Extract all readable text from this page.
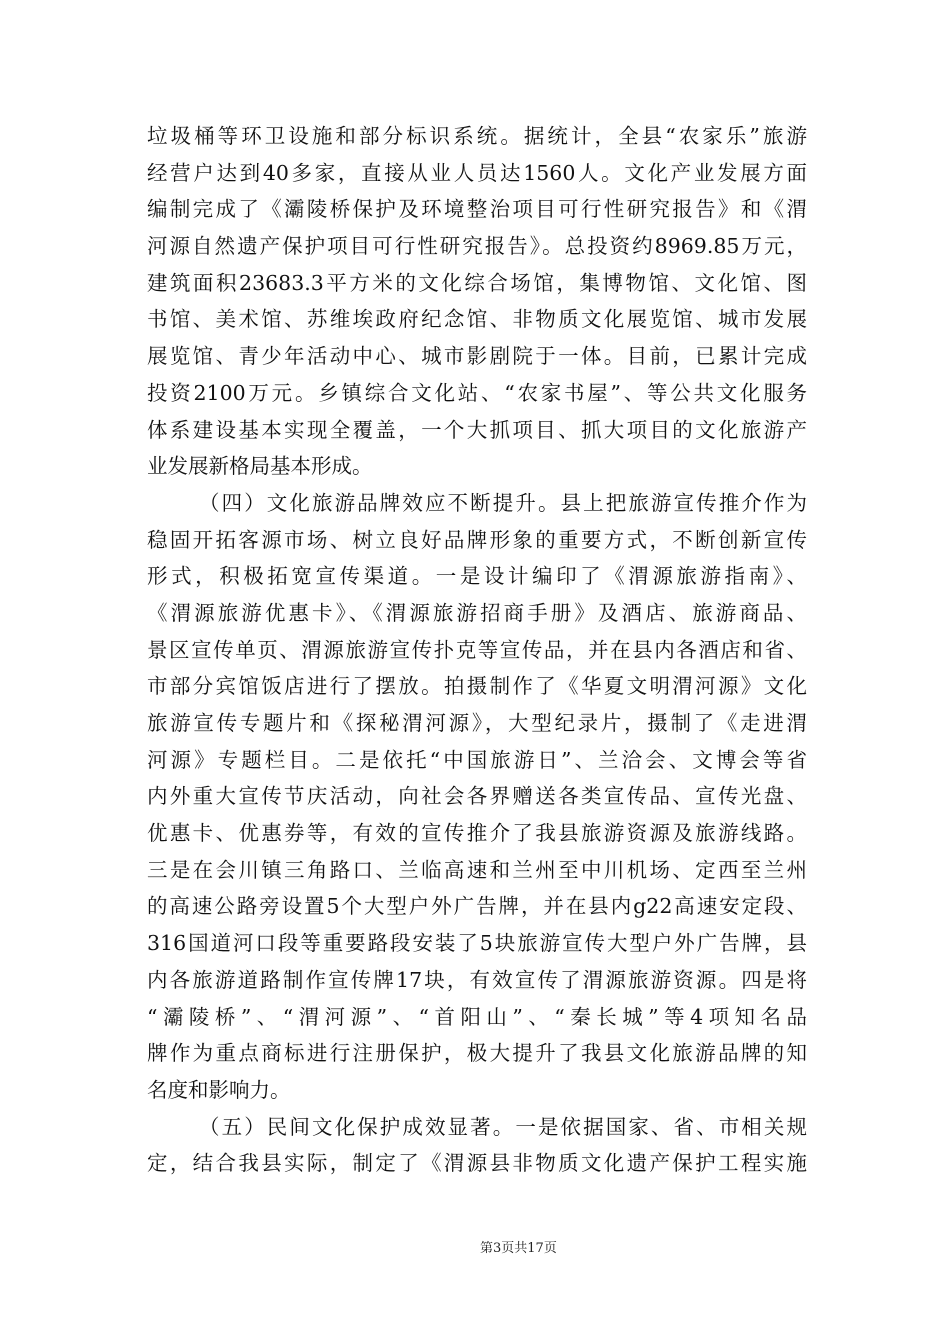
垃圾桶等环卫设施和部分标识系统。据统计，全县“农家乐”旅游
经营户达到40多家，直接从业人员达1560人。文化产业发展方面
编制完成了《灞陵桥保护及环境整治项目可行性研究报告》和《渭
河源自然遗产保护项目可行性研究报告》。总投资约8969.85万元，
建筑面积23683.3平方米的文化综合场馆，集博物馆、文化馆、图
书馆、美术馆、苏维埃政府纪念馆、非物质文化展览馆、城市发展
展览馆、青少年活动中心、城市影剧院于一体。目前，已累计完成
投资2100万元。乡镇综合文化站、“农家书屋”、等公共文化服务
体系建设基本实现全覆盖，一个大抓项目、抓大项目的文化旅游产
业发展新格局基本形成。
（四）文化旅游品牌效应不断提升。县上把旅游宣传推介作为
稳固开拓客源市场、树立良好品牌形象的重要方式，不断创新宣传
形式，积极拓宽宣传渠道。一是设计编印了《渭源旅游指南》、
《渭源旅游优惠卡》、《渭源旅游招商手册》及酒店、旅游商品、
景区宣传单页、渭源旅游宣传扑克等宣传品，并在县内各酒店和省、
市部分宾馆饭店进行了摆放。拍摄制作了《华夏文明渭河源》文化
旅游宣传专题片和《探秘渭河源》，大型纪录片，摄制了《走进渭
河源》专题栏目。二是依托“中国旅游日”、兰洽会、文博会等省
内外重大宣传节庆活动，向社会各界赠送各类宣传品、宣传光盘、
优惠卡、优惠券等，有效的宣传推介了我县旅游资源及旅游线路。
三是在会川镇三角路口、兰临高速和兰州至中川机场、定西至兰州
的高速公路旁设置5个大型户外广告牌，并在县内g22高速安定段、
316国道河口段等重要路段安装了5块旅游宣传大型户外广告牌，县
内各旅游道路制作宣传牌17块，有效宣传了渭源旅游资源。四是将
“灞陵桥”、“渭河源”、“首阳山”、“秦长城”等4项知名品
牌作为重点商标进行注册保护，极大提升了我县文化旅游品牌的知
名度和影响力。
（五）民间文化保护成效显著。一是依据国家、省、市相关规
定，结合我县实际，制定了《渭源县非物质文化遗产保护工程实施
第3页共17页
